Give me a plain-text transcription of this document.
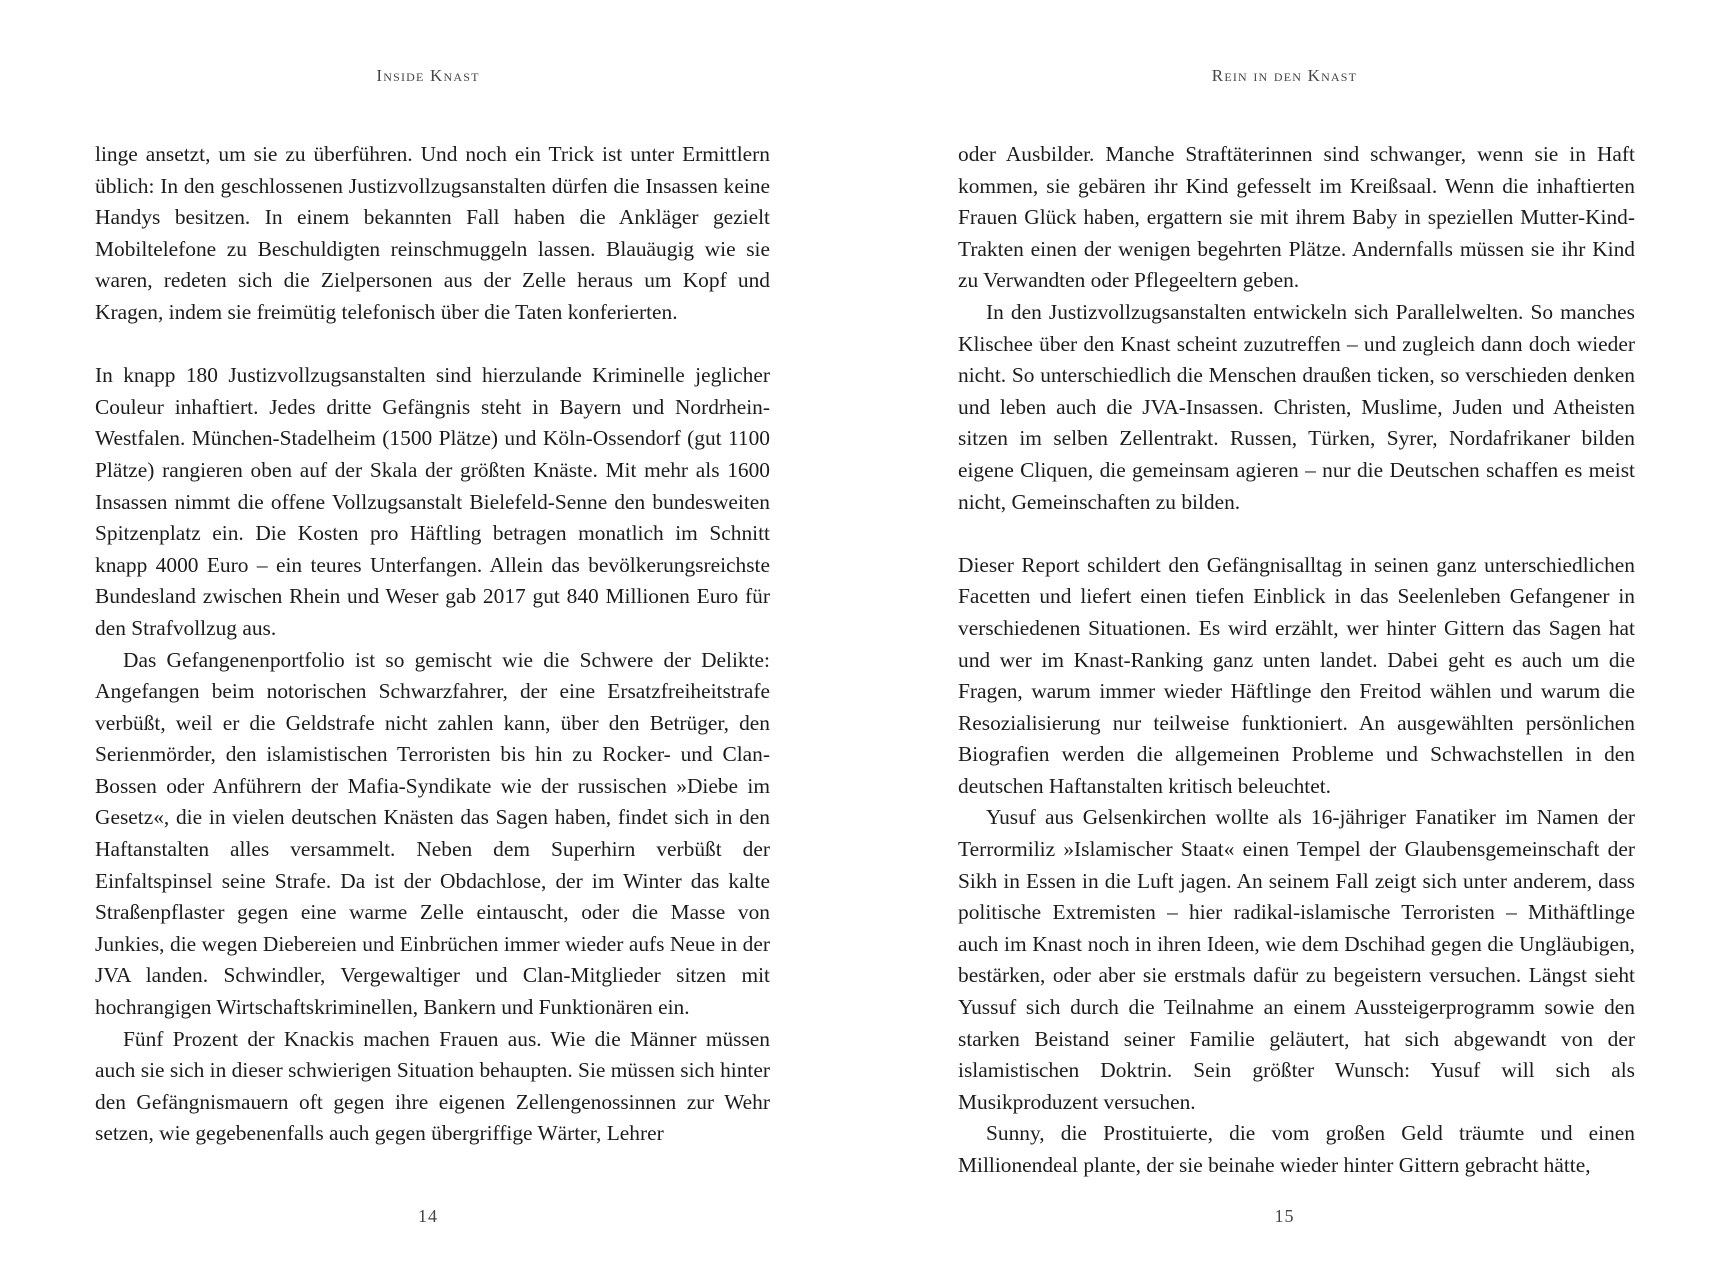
Inside Knast

linge ansetzt, um sie zu überführen. Und noch ein Trick ist unter Ermittlern üblich: In den geschlossenen Justizvollzugsanstalten dürfen die Insassen keine Handys besitzen. In einem bekannten Fall haben die Ankläger gezielt Mobiltelefone zu Beschuldigten reinschmuggeln lassen. Blauäugig wie sie waren, redeten sich die Zielpersonen aus der Zelle heraus um Kopf und Kragen, indem sie freimütig telefonisch über die Taten konferierten.

In knapp 180 Justizvollzugsanstalten sind hierzulande Kriminelle jeglicher Couleur inhaftiert. Jedes dritte Gefängnis steht in Bayern und Nordrhein-Westfalen. München-Stadelheim (1500 Plätze) und Köln-Ossendorf (gut 1100 Plätze) rangieren oben auf der Skala der größten Knäste. Mit mehr als 1600 Insassen nimmt die offene Vollzugsanstalt Bielefeld-Senne den bundesweiten Spitzenplatz ein. Die Kosten pro Häftling betragen monatlich im Schnitt knapp 4000 Euro – ein teures Unterfangen. Allein das bevölkerungsreichste Bundesland zwischen Rhein und Weser gab 2017 gut 840 Millionen Euro für den Strafvollzug aus.

Das Gefangenenportfolio ist so gemischt wie die Schwere der Delikte: Angefangen beim notorischen Schwarzfahrer, der eine Ersatzfreiheitstrafe verbüßt, weil er die Geldstrafe nicht zahlen kann, über den Betrüger, den Serienmörder, den islamistischen Terroristen bis hin zu Rocker- und Clan-Bossen oder Anführern der Mafia-Syndikate wie der russischen »Diebe im Gesetz«, die in vielen deutschen Knästen das Sagen haben, findet sich in den Haftanstalten alles versammelt. Neben dem Superhirn verbüßt der Einfaltspinsel seine Strafe. Da ist der Obdachlose, der im Winter das kalte Straßenpflaster gegen eine warme Zelle eintauscht, oder die Masse von Junkies, die wegen Diebereien und Einbrüchen immer wieder aufs Neue in der JVA landen. Schwindler, Vergewaltiger und Clan-Mitglieder sitzen mit hochrangigen Wirtschaftskriminellen, Bankern und Funktionären ein.

Fünf Prozent der Knackis machen Frauen aus. Wie die Männer müssen auch sie sich in dieser schwierigen Situation behaupten. Sie müssen sich hinter den Gefängnismauern oft gegen ihre eigenen Zellengenossinnen zur Wehr setzen, wie gegebenenfalls auch gegen übergriffige Wärter, Lehrer

14
Rein in den Knast

oder Ausbilder. Manche Straftäterinnen sind schwanger, wenn sie in Haft kommen, sie gebären ihr Kind gefesselt im Kreißsaal. Wenn die inhaftierten Frauen Glück haben, ergattern sie mit ihrem Baby in speziellen Mutter-Kind-Trakten einen der wenigen begehrten Plätze. Andernfalls müssen sie ihr Kind zu Verwandten oder Pflegeeltern geben.

In den Justizvollzugsanstalten entwickeln sich Parallelwelten. So manches Klischee über den Knast scheint zuzutreffen – und zugleich dann doch wieder nicht. So unterschiedlich die Menschen draußen ticken, so verschieden denken und leben auch die JVA-Insassen. Christen, Muslime, Juden und Atheisten sitzen im selben Zellentrakt. Russen, Türken, Syrer, Nordafrikaner bilden eigene Cliquen, die gemeinsam agieren – nur die Deutschen schaffen es meist nicht, Gemeinschaften zu bilden.

Dieser Report schildert den Gefängnisalltag in seinen ganz unterschiedlichen Facetten und liefert einen tiefen Einblick in das Seelenleben Gefangener in verschiedenen Situationen. Es wird erzählt, wer hinter Gittern das Sagen hat und wer im Knast-Ranking ganz unten landet. Dabei geht es auch um die Fragen, warum immer wieder Häftlinge den Freitod wählen und warum die Resozialisierung nur teilweise funktioniert. An ausgewählten persönlichen Biografien werden die allgemeinen Probleme und Schwachstellen in den deutschen Haftanstalten kritisch beleuchtet.

Yusuf aus Gelsenkirchen wollte als 16-jähriger Fanatiker im Namen der Terrormiliz »Islamischer Staat« einen Tempel der Glaubensgemeinschaft der Sikh in Essen in die Luft jagen. An seinem Fall zeigt sich unter anderem, dass politische Extremisten – hier radikal-islamische Terroristen – Mithäftlinge auch im Knast noch in ihren Ideen, wie dem Dschihad gegen die Ungläubigen, bestärken, oder aber sie erstmals dafür zu begeistern versuchen. Längst sieht Yussuf sich durch die Teilnahme an einem Aussteigerprogramm sowie den starken Beistand seiner Familie geläutert, hat sich abgewandt von der islamistischen Doktrin. Sein größter Wunsch: Yusuf will sich als Musikproduzent versuchen.

Sunny, die Prostituierte, die vom großen Geld träumte und einen Millionendeal plante, der sie beinahe wieder hinter Gittern gebracht hätte,

15
